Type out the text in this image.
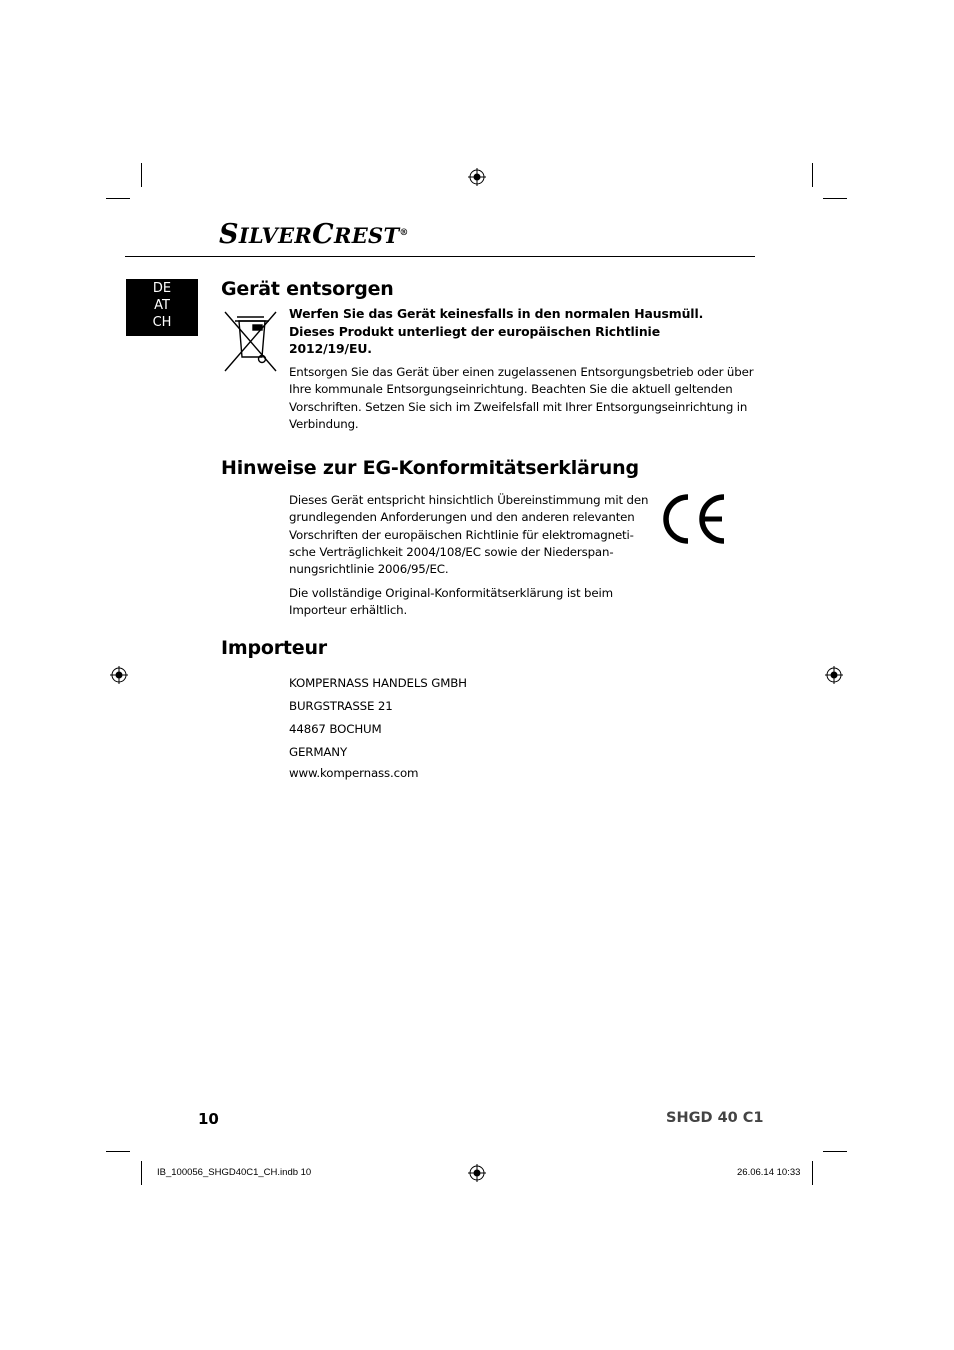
SILVERCREST®
DE
AT
CH
Gerät entsorgen
Werfen Sie das Gerät keinesfalls in den normalen Hausmüll.
Dieses Produkt unterliegt der europäischen Richtlinie
2012/19/EU.
Entsorgen Sie das Gerät über einen zugelassenen Entsorgungsbetrieb oder über
Ihre kommunale Entsorgungseinrichtung. Beachten Sie die aktuell geltenden
Vorschriften. Setzen Sie sich im Zweifelsfall mit Ihrer Entsorgungseinrichtung in
Verbindung.
Hinweise zur EG-Konformitätserklärung
Dieses Gerät entspricht hinsichtlich Übereinstimmung mit den
grundlegenden Anforderungen und den anderen relevanten
Vorschriften der europäischen Richtlinie für elektromagneti-
sche Verträglichkeit 2004/108/EC sowie der Niederspan-
nungsrichtlinie 2006/95/EC.
Die vollständige Original-Konformitätserklärung ist beim
Importeur erhältlich.
Importeur
KOMPERNASS HANDELS GMBH
BURGSTRASSE 21
44867 BOCHUM
GERMANY
www.kompernass.com
10	SHGD 40 C1
IB_100056_SHGD40C1_CH.indb 10	26.06.14 10:33
